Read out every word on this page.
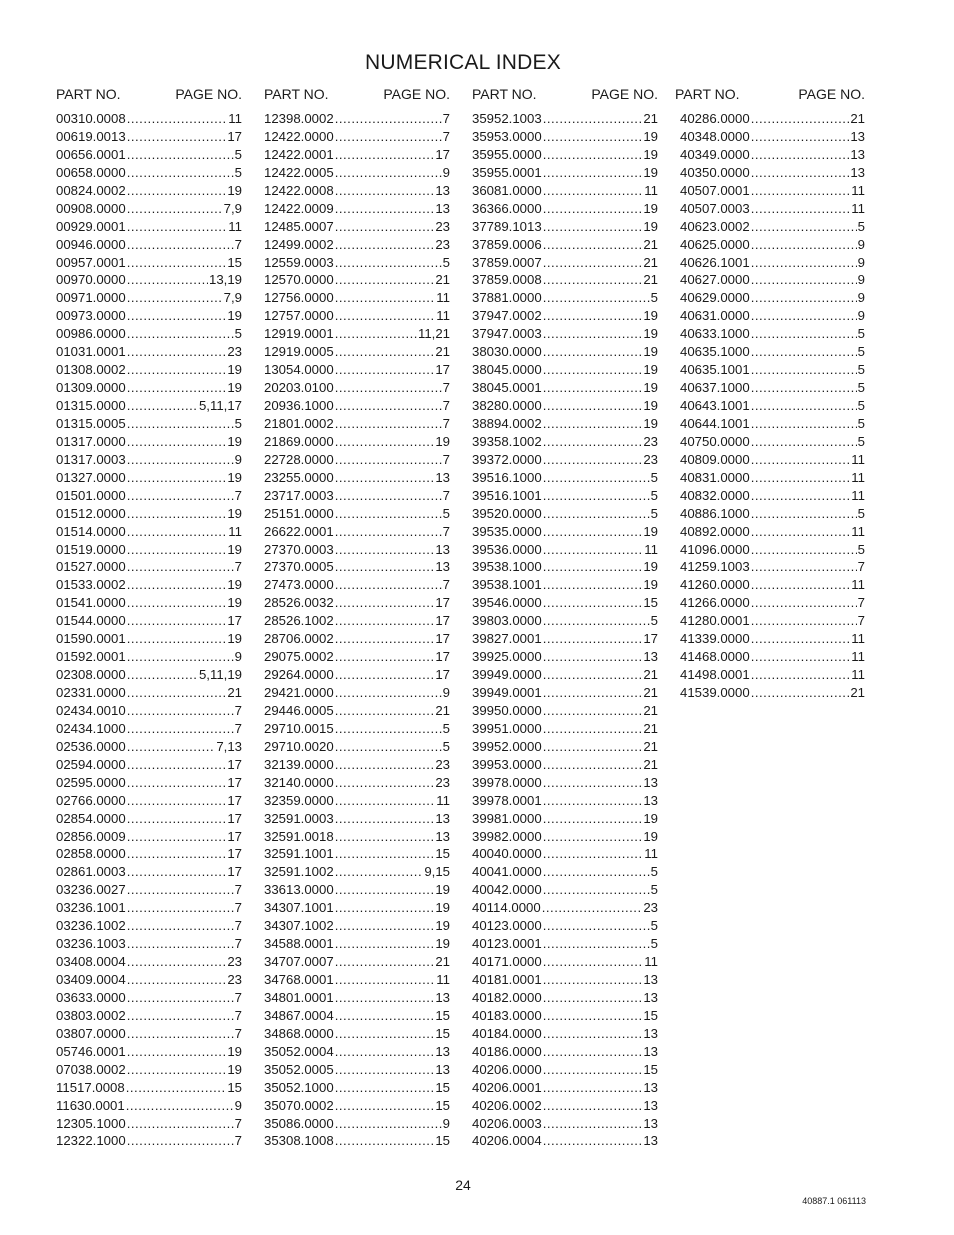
NUMERICAL INDEX
PART NO.	PAGE NO.
00310.0008 .....	11
00619.0013 .....	17
00656.0001 .....	5
00658.0000 .....	5
00824.0002 .....	19
00908.0000 .....	7,9
00929.0001 .....	11
00946.0000 .....	7
00957.0001 .....	15
00970.0000 .....	13,19
00971.0000 .....	7,9
00973.0000 .....	19
00986.0000 .....	5
01031.0001 .....	23
01308.0002 .....	19
01309.0000 .....	19
01315.0000 .....	5,11,17
01315.0005 .....	5
01317.0000 .....	19
01317.0003 .....	9
01327.0000 .....	19
01501.0000 .....	7
01512.0000 .....	19
01514.0000 .....	11
01519.0000 .....	19
01527.0000 .....	7
01533.0002 .....	19
01541.0000 .....	19
01544.0000 .....	17
01590.0001 .....	19
01592.0001 .....	9
02308.0000 .....	5,11,19
02331.0000 .....	21
02434.0010 .....	7
02434.1000 .....	7
02536.0000 .....	7,13
02594.0000 .....	17
02595.0000 .....	17
02766.0000 .....	17
02854.0000 .....	17
02856.0009 .....	17
02858.0000 .....	17
02861.0003 .....	17
03236.0027 .....	7
03236.1001 .....	7
03236.1002 .....	7
03236.1003 .....	7
03408.0004 .....	23
03409.0004 .....	23
03633.0000 .....	7
03803.0002 .....	7
03807.0000 .....	7
05746.0001 .....	19
07038.0002 .....	19
11517.0008 .....	15
11630.0001 .....	9
12305.1000 .....	7
12322.1000 .....	7
PART NO.	PAGE NO.
12398.0002 .....	7
12422.0000 .....	7
12422.0001 .....	17
12422.0005 .....	9
12422.0008 .....	13
12422.0009 .....	13
12485.0007 .....	23
12499.0002 .....	23
12559.0003 .....	5
12570.0000 .....	21
12756.0000 .....	11
12757.0000 .....	11
12919.0001 .....	11,21
12919.0005 .....	21
13054.0000 .....	17
20203.0100 .....	7
20936.1000 .....	7
21801.0002 .....	7
21869.0000 .....	19
22728.0000 .....	7
23255.0000 .....	13
23717.0003 .....	7
25151.0000 .....	5
26622.0001 .....	7
27370.0003 .....	13
27370.0005 .....	13
27473.0000 .....	7
28526.0032 .....	17
28526.1002 .....	17
28706.0002 .....	17
29075.0002 .....	17
29264.0000 .....	17
29421.0000 .....	9
29446.0005 .....	21
29710.0015 .....	5
29710.0020 .....	5
32139.0000 .....	23
32140.0000 .....	23
32359.0000 .....	11
32591.0003 .....	13
32591.0018 .....	13
32591.1001 .....	15
32591.1002 .....	9,15
33613.0000 .....	19
34307.1001 .....	19
34307.1002 .....	19
34588.0001 .....	19
34707.0007 .....	21
34768.0001 .....	11
34801.0001 .....	13
34867.0004 .....	15
34868.0000 .....	15
35052.0004 .....	13
35052.0005 .....	13
35052.1000 .....	15
35070.0002 .....	15
35086.0000 .....	9
35308.1008 .....	15
PART NO.	PAGE NO.
35952.1003 .....	21
35953.0000 .....	19
35955.0000 .....	19
35955.0001 .....	19
36081.0000 .....	11
36366.0000 .....	19
37789.1013 .....	19
37859.0006 .....	21
37859.0007 .....	21
37859.0008 .....	21
37881.0000 .....	5
37947.0002 .....	19
37947.0003 .....	19
38030.0000 .....	19
38045.0000 .....	19
38045.0001 .....	19
38280.0000 .....	19
38894.0002 .....	19
39358.1002 .....	23
39372.0000 .....	23
39516.1000 .....	5
39516.1001 .....	5
39520.0000 .....	5
39535.0000 .....	19
39536.0000 .....	11
39538.1000 .....	19
39538.1001 .....	19
39546.0000 .....	15
39803.0000 .....	5
39827.0001 .....	17
39925.0000 .....	13
39949.0000 .....	21
39949.0001 .....	21
39950.0000 .....	21
39951.0000 .....	21
39952.0000 .....	21
39953.0000 .....	21
39978.0000 .....	13
39978.0001 .....	13
39981.0000 .....	19
39982.0000 .....	19
40040.0000 .....	11
40041.0000 .....	5
40042.0000 .....	5
40114.0000 .....	23
40123.0000 .....	5
40123.0001 .....	5
40171.0000 .....	11
40181.0001 .....	13
40182.0000 .....	13
40183.0000 .....	15
40184.0000 .....	13
40186.0000 .....	13
40206.0000 .....	15
40206.0001 .....	13
40206.0002 .....	13
40206.0003 .....	13
40206.0004 .....	13
PART NO.	PAGE NO.
40286.0000 .....	21
40348.0000 .....	13
40349.0000 .....	13
40350.0000 .....	13
40507.0001 .....	11
40507.0003 .....	11
40623.0002 .....	5
40625.0000 .....	9
40626.1001 .....	9
40627.0000 .....	9
40629.0000 .....	9
40631.0000 .....	9
40633.1000 .....	5
40635.1000 .....	5
40635.1001 .....	5
40637.1000 .....	5
40643.1001 .....	5
40644.1001 .....	5
40750.0000 .....	5
40809.0000 .....	11
40831.0000 .....	11
40832.0000 .....	11
40886.1000 .....	5
40892.0000 .....	11
41096.0000 .....	5
41259.1003 .....	7
41260.0000 .....	11
41266.0000 .....	7
41280.0001 .....	7
41339.0000 .....	11
41468.0000 .....	11
41498.0001 .....	11
41539.0000 .....	21
24
40887.1 061113
